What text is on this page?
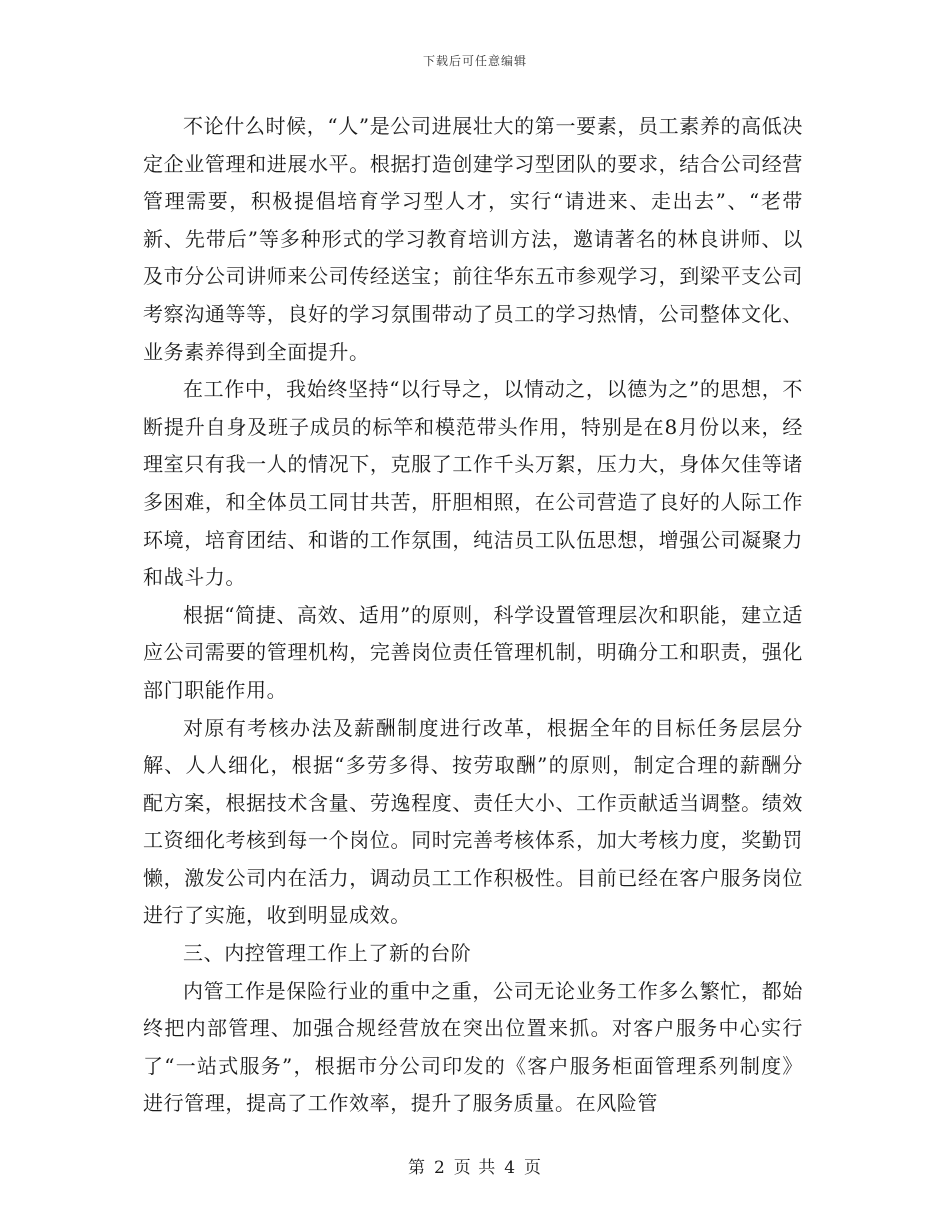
下载后可任意编辑

不论什么时候，“人”是公司进展壮大的第一要素，员工素养的高低决定企业管理和进展水平。根据打造创建学习型团队的要求，结合公司经营管理需要，积极提倡培育学习型人才，实行“请进来、走出去”、“老带新、先带后”等多种形式的学习教育培训方法，邀请著名的林良讲师、以及市分公司讲师来公司传经送宝；前往华东五市参观学习，到梁平支公司考察沟通等等，良好的学习氛围带动了员工的学习热情，公司整体文化、业务素养得到全面提升。

在工作中，我始终坚持“以行导之，以情动之，以德为之”的思想，不断提升自身及班子成员的标竿和模范带头作用，特别是在8月份以来，经理室只有我一人的情况下，克服了工作千头万絮，压力大，身体欠佳等诸多困难，和全体员工同甘共苦，肝胆相照，在公司营造了良好的人际工作环境，培育团结、和谐的工作氛围，纯洁员工队伍思想，增强公司凝聚力和战斗力。

根据“简捷、高效、适用”的原则，科学设置管理层次和职能，建立适应公司需要的管理机构，完善岗位责任管理机制，明确分工和职责，强化部门职能作用。

对原有考核办法及薪酬制度进行改革，根据全年的目标任务层层分解、人人细化，根据“多劳多得、按劳取酬”的原则，制定合理的薪酬分配方案，根据技术含量、劳逸程度、责任大小、工作贡献适当调整。绩效工资细化考核到每一个岗位。同时完善考核体系，加大考核力度，奖勤罚懒，激发公司内在活力，调动员工工作积极性。目前已经在客户服务岗位进行了实施，收到明显成效。

三、内控管理工作上了新的台阶

内管工作是保险行业的重中之重，公司无论业务工作多么繁忙，都始终把内部管理、加强合规经营放在突出位置来抓。对客户服务中心实行了“一站式服务”，根据市分公司印发的《客户服务柜面管理系列制度》进行管理，提高了工作效率，提升了服务质量。在风险管

第 2 页 共 4 页
